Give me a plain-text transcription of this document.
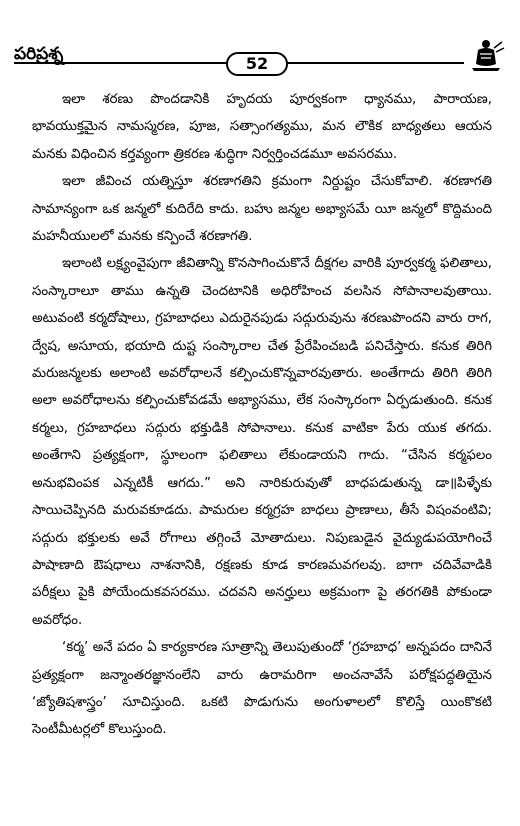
పరిప్రశ్న	52

ఇలా శరణు పొందడానికి హృదయ పూర్వకంగా ధ్యానము, పారాయణ, భావయుక్తమైన నామస్మరణ, పూజ, సత్సాంగత్యము, మన లౌకిక బాధ్యతలు ఆయన మనకు విధించిన కర్తవ్యంగా త్రికరణ శుద్ధిగా నిర్వర్తించడమూ అవసరము.

ఇలా జీవించ యత్నిస్తూ శరణాగతిని క్రమంగా నిర్దుష్టం చేసుకోవాలి. శరణాగతి సామాన్యంగా ఒక జన్మలో కుదిరేది కాదు. బహు జన్మల అభ్యాసమే యీ జన్మలో కొద్దిమంది మహనీయులలో మనకు కన్పించే శరణాగతి.

ఇలాంటి లక్ష్యంవైపుగా జీవితాన్ని కొనసాగించుకొనే దీక్షగల వారికి పూర్వకర్మ ఫలితాలు, సంస్కారాలూ తాము ఉన్నతి చెందటానికి అధిరోహించ వలసిన సోపానాలవుతాయి. అటువంటి కర్మదోషాలు, గ్రహబాధలు ఎదురైనపుడు సద్గురువును శరణుపొందని వారు రాగ, ద్వేష, అసూయ, భయాది దుష్ట సంస్కారాల చేత ప్రేరేపించబడి పనిచేస్తారు. కనుక తిరిగి మరుజన్మలకు అలాంటి అవరోధాలనే కల్పించుకొన్నవారవుతారు. అంతేగాదు తిరిగి తిరిగి అలా అవరోధాలను కల్పించుకోవడమే అభ్యాసము, లేక సంస్కారంగా ఏర్పడుతుంది. కనుక కర్మలు, గ్రహబాధలు సద్గురు భక్తుడికి సోపానాలు. కనుక వాటికా పేరు యుక తగదు. అంతేగాని ప్రత్యక్షంగా, స్థూలంగా ఫలితాలు లేకుండాయని గాదు. “చేసిన కర్మఫలం అనుభవింపక ఎన్నటికీ ఆగదు.” అని నారికురువుతో బాధపడుతున్న డా॥పిళ్ళేకు సాయిచెప్పినది మరువకూడదు. పామరుల కర్మగ్రహ బాధలు ప్రాణాలు, తీసే విషంవంటివి; సద్గురు భక్తులకు అవే రోగాలు తగ్గించే మోతాదులు. నిపుణుడైన వైద్యుడుపయోగించే పాషాణాది ఔషధాలు నాశనానికి, రక్షణకు కూడ కారణమవగలవు. బాగా చదివేవాడికి పరీక్షలు పైకి పోయేందుకవసరము. చదవని అనర్హులు అక్రమంగా పై తరగతికి పోకుండా అవరోధం.

‘కర్మ’ అనే పదం ఏ కార్యకారణ సూత్రాన్ని తెలుపుతుందో ‘గ్రహబాధ’ అన్నపదం దానినే ప్రత్యక్షంగా జన్మాంతరజ్ఞానంలేని వారు ఉరామరిగా అంచనావేసే పరోక్షపద్ధతియైన ‘జ్యోతిషశాస్త్రం’ సూచిస్తుంది. ఒకటి పొడుగును అంగుళాలలో కొలిస్తే యింకొకటి సెంటీమీటర్లలో కొలుస్తుంది.
